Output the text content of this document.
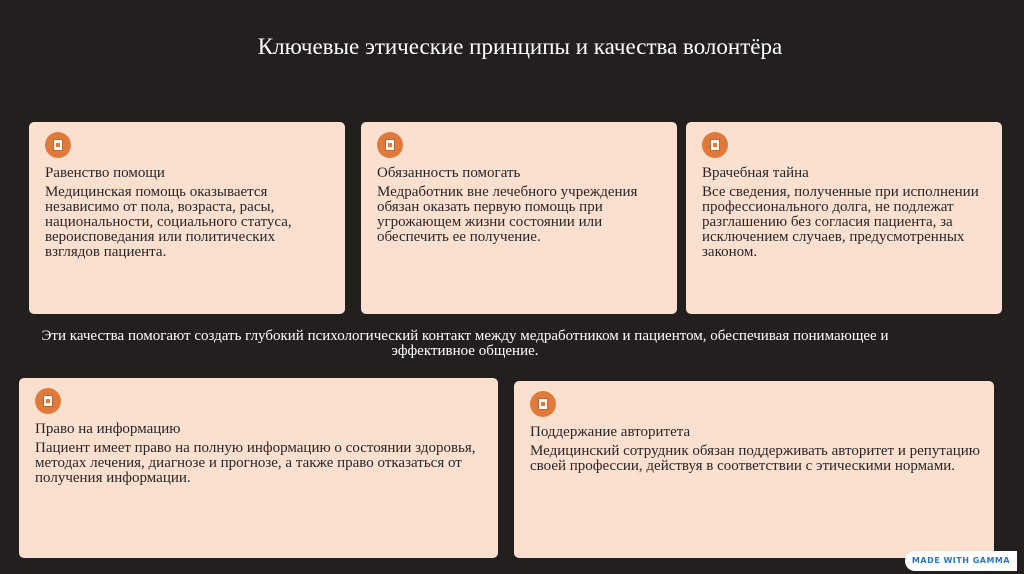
Ключевые этические принципы и качества волонтёра
Равенство помощи
Медицинская помощь оказывается независимо от пола, возраста, расы, национальности, социального статуса, вероисповедания или политических взглядов пациента.
Обязанность помогать
Медработник вне лечебного учреждения обязан оказать первую помощь при угрожающем жизни состоянии или обеспечить ее получение.
Врачебная тайна
Все сведения, полученные при исполнении профессионального долга, не подлежат разглашению без согласия пациента, за исключением случаев, предусмотренных законом.
Эти качества помогают создать глубокий психологический контакт между медработником и пациентом, обеспечивая понимающее и эффективное общение.
Право на информацию
Пациент имеет право на полную информацию о состоянии здоровья, методах лечения, диагнозе и прогнозе, а также право отказаться от получения информации.
Поддержание авторитета
Медицинский сотрудник обязан поддерживать авторитет и репутацию своей профессии, действуя в соответствии с этическими нормами.
MADE WITH GAMMA
